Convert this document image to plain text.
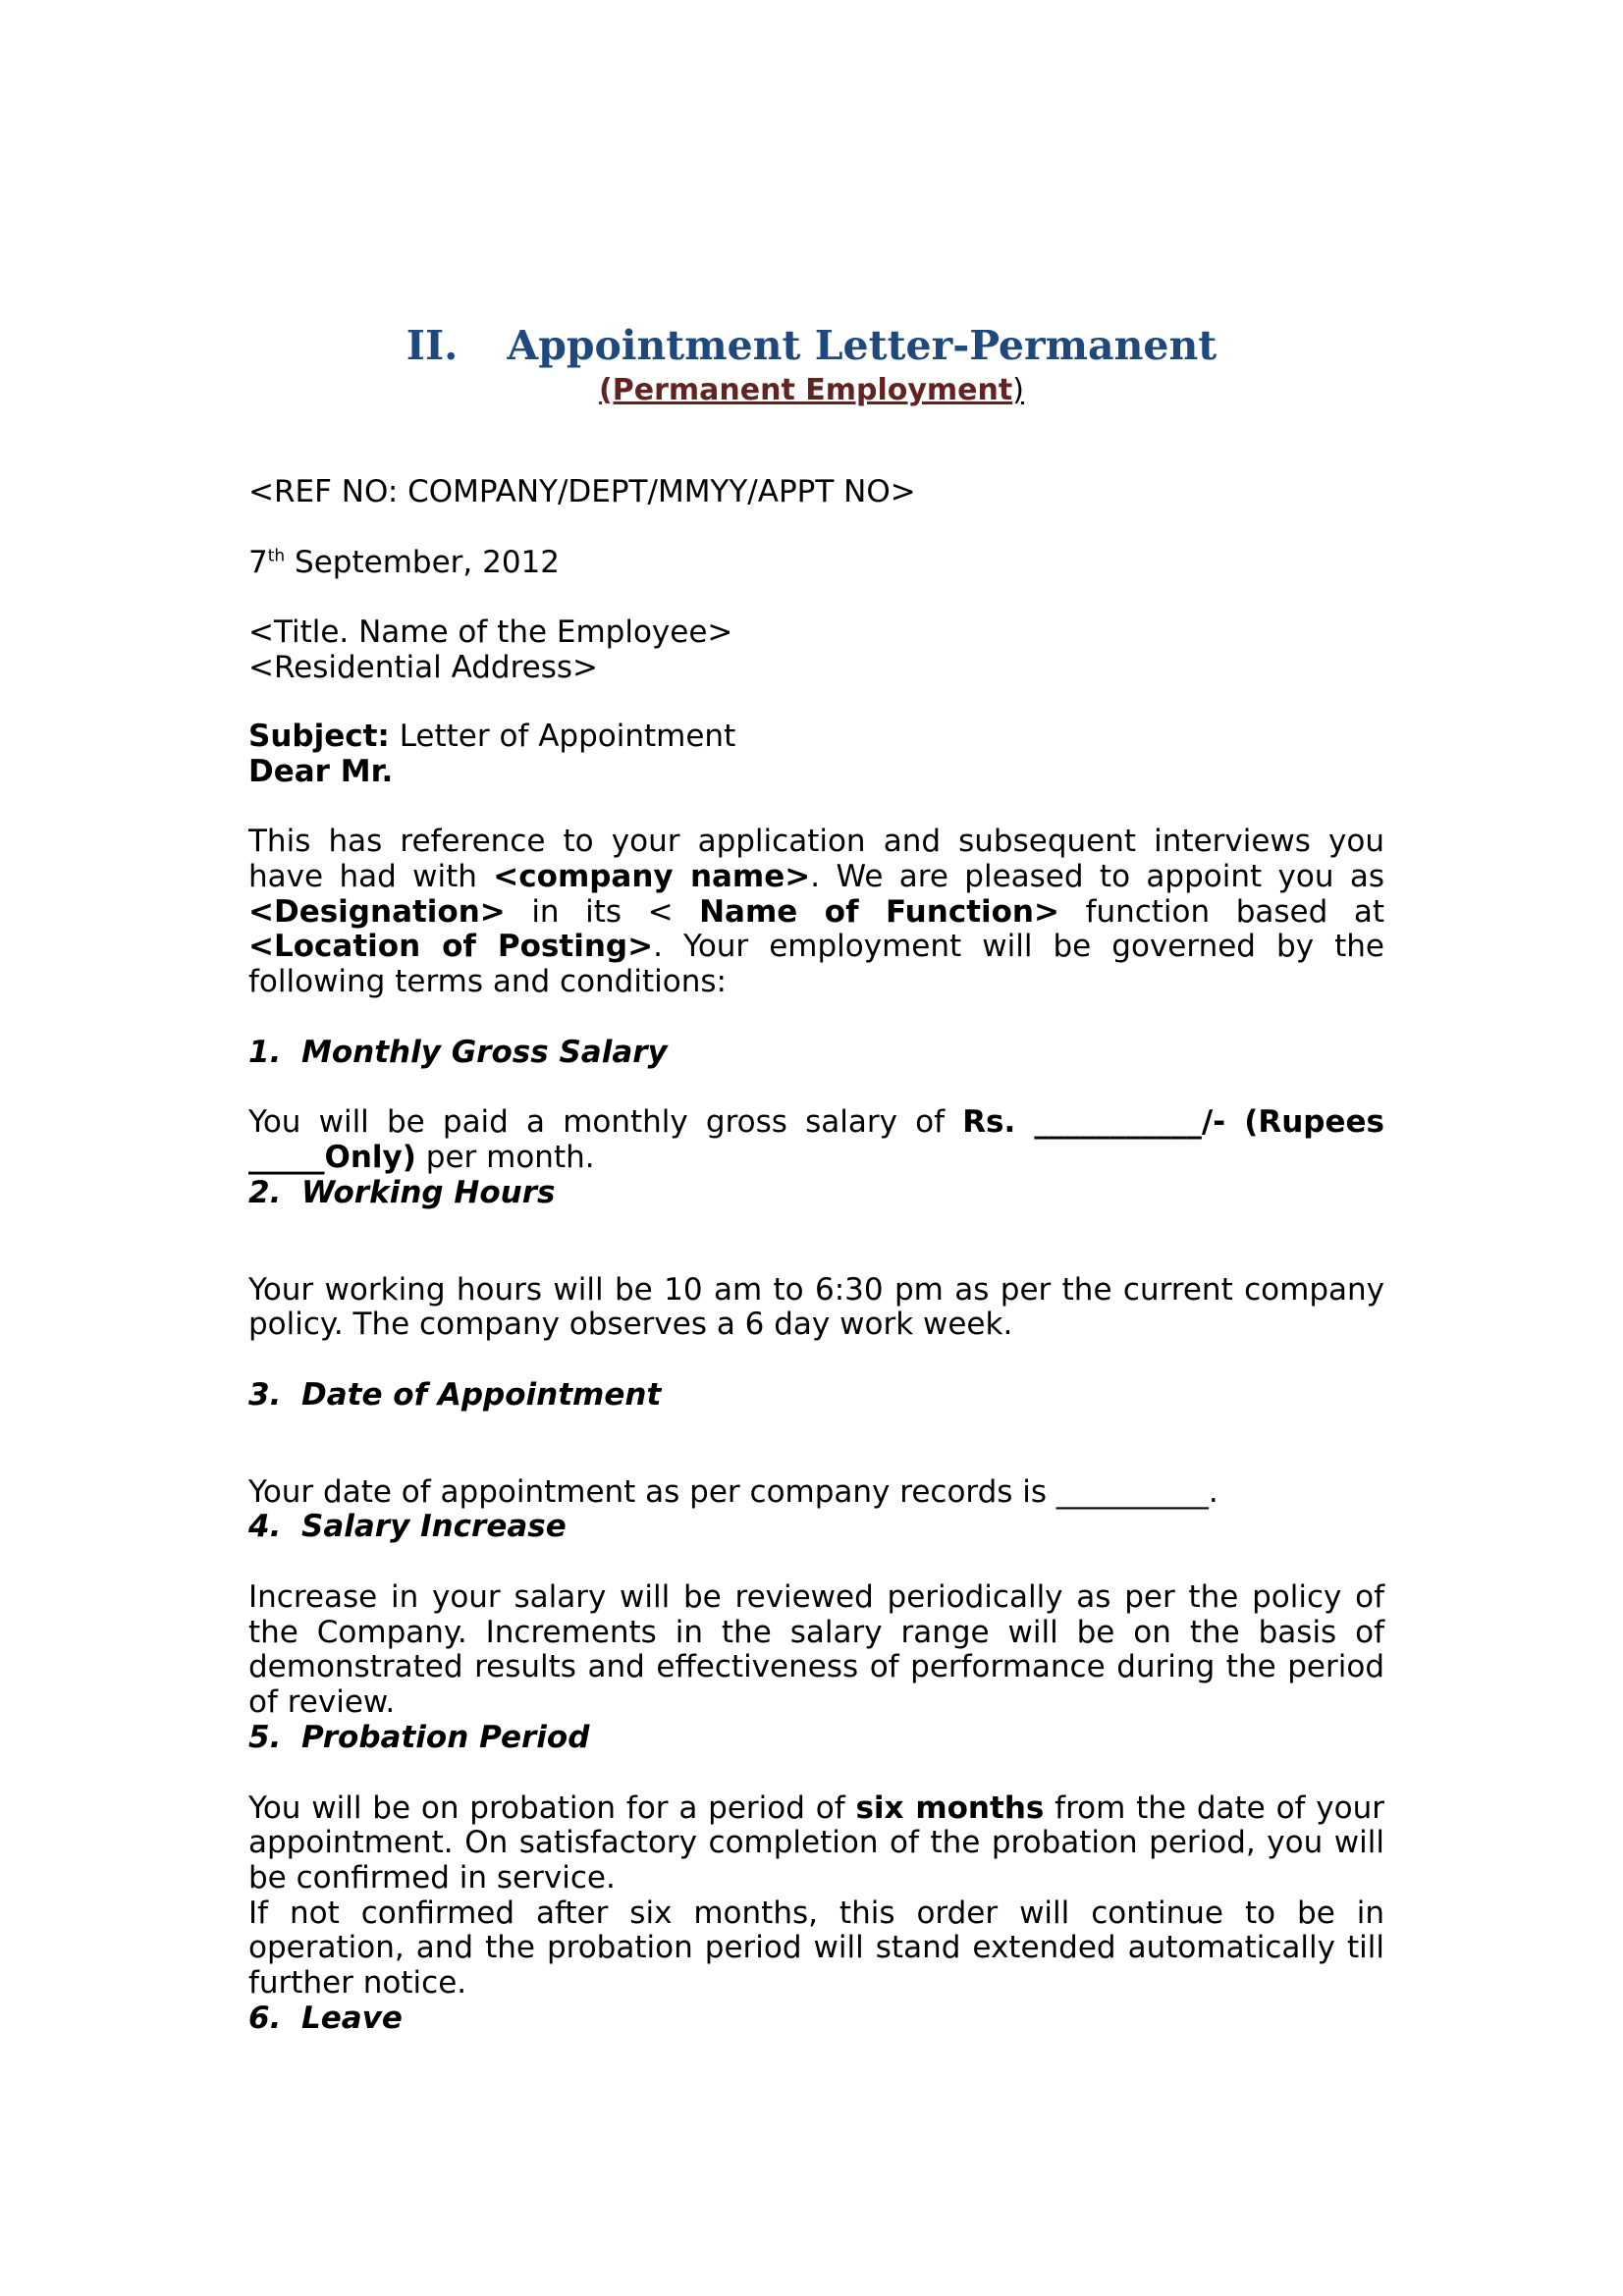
II. Appointment Letter-Permanent
(Permanent Employment)

<REF NO: COMPANY/DEPT/MMYY/APPT NO>

7th September, 2012

<Title. Name of the Employee>

<Residential Address>

Subject: Letter of Appointment

Dear Mr.

This has reference to your application and subsequent interviews you have had with <company name>. We are pleased to appoint you as <Designation> in its < Name of Function> function based at <Location of Posting>. Your employment will be governed by the following terms and conditions:

1. Monthly Gross Salary

You will be paid a monthly gross salary of Rs. ___________/- (Rupees _____Only) per month.

2. Working Hours

Your working hours will be 10 am to 6:30 pm as per the current company policy. The company observes a 6 day work week.

3. Date of Appointment

Your date of appointment as per company records is __________.

4. Salary Increase

Increase in your salary will be reviewed periodically as per the policy of the Company. Increments in the salary range will be on the basis of demonstrated results and effectiveness of performance during the period of review.

5. Probation Period

You will be on probation for a period of six months from the date of your appointment. On satisfactory completion of the probation period, you will be confirmed in service.

If not confirmed after six months, this order will continue to be in operation, and the probation period will stand extended automatically till further notice.

6. Leave
